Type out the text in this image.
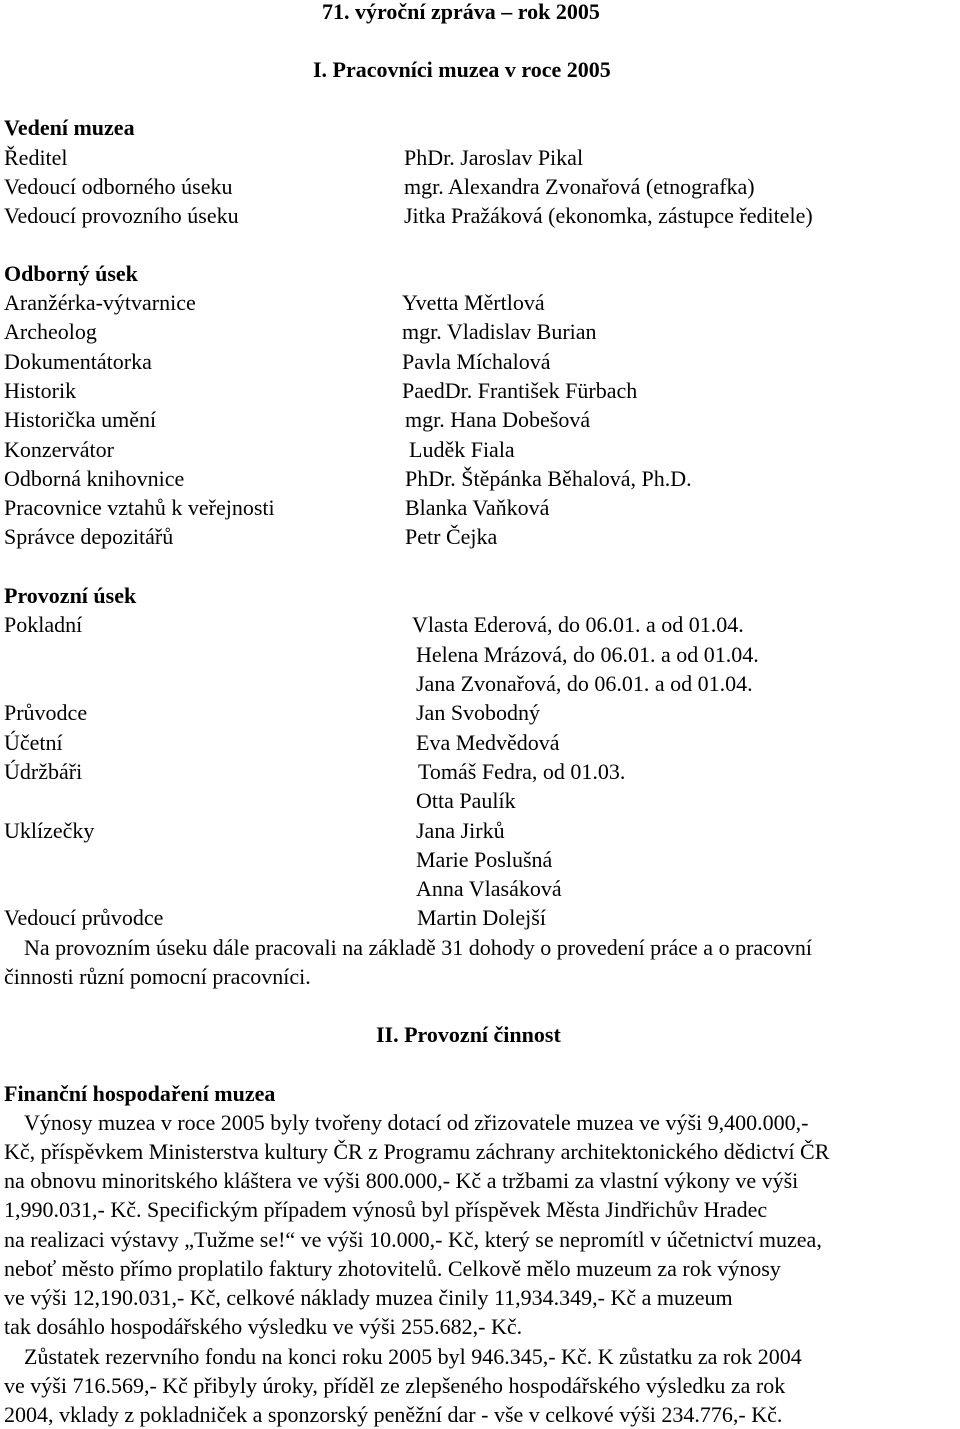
71. výroční zpráva – rok 2005
I. Pracovníci muzea v roce 2005
Vedení muzea
Ředitel	PhDr. Jaroslav Pikal
Vedoucí odborného úseku	mgr. Alexandra Zvonařová (etnografka)
Vedoucí provozního úseku	Jitka Pražáková (ekonomka, zástupce ředitele)
Odborný úsek
Aranžérka-výtvarnice	Yvetta Měrtlová
Archeolog	mgr. Vladislav Burian
Dokumentátorka	Pavla Míchalová
Historik	PaedDr. František Fürbach
Historička umění	mgr. Hana Dobešová
Konzervátor	Luděk Fiala
Odborná knihovnice	PhDr. Štěpánka Běhalová, Ph.D.
Pracovnice vztahů k veřejnosti	Blanka Vaňková
Správce depozitářů	Petr Čejka
Provozní úsek
Pokladní	Vlasta Ederová, do 06.01. a od 01.04.
Helena Mrázová, do 06.01. a od 01.04.
Jana Zvonařová, do 06.01. a od 01.04.
Průvodce	Jan Svobodný
Účetní	Eva Medvědová
Údržbáři	Tomáš Fedra, od 01.03.
Otta Paulík
Uklízečky	Jana Jirků
Marie Poslušná
Anna Vlasáková
Vedoucí průvodce	Martin Dolejší
Na provozním úseku dále pracovali na základě 31 dohody o provedení práce a o pracovní
činnosti různí pomocní pracovníci.
II. Provozní činnost
Finanční hospodaření muzea
Výnosy muzea v roce 2005 byly tvořeny dotací od zřizovatele muzea ve výši 9,400.000,-
Kč, příspěvkem Ministerstva kultury ČR z Programu záchrany architektonického dědictví ČR
na obnovu minoritského kláštera ve výši 800.000,- Kč a tržbami za vlastní výkony ve výši
1,990.031,- Kč. Specifickým případem výnosů byl příspěvek Města Jindřichův Hradec
na realizaci výstavy „Tužme se!“ ve výši 10.000,- Kč, který se nepromítl v účetnictví muzea,
neboť město přímo proplatilo faktury zhotovitelů. Celkově mělo muzeum za rok výnosy
ve výši 12,190.031,- Kč, celkové náklady muzea činily 11,934.349,- Kč a muzeum
tak dosáhlo hospodářského výsledku ve výši 255.682,- Kč.
Zůstatek rezervního fondu na konci roku 2005 byl 946.345,- Kč. K zůstatku za rok 2004
ve výši 716.569,- Kč přibyly úroky, příděl ze zlepšeného hospodářského výsledku za rok
2004, vklady z pokladniček a sponzorský peněžní dar - vše v celkové výši 234.776,- Kč.
